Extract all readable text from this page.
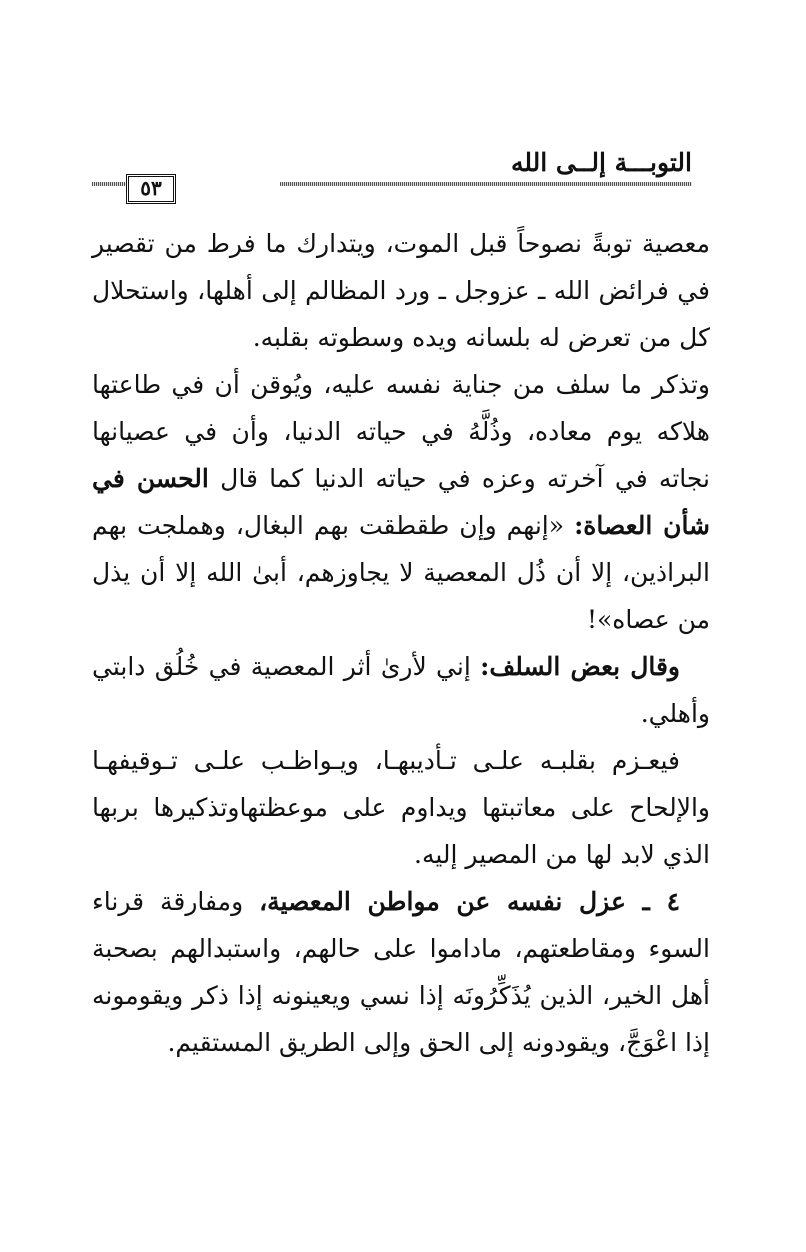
التوبـــة إلــى الله
٥٣

معصية توبةً نصوحاً قبل الموت، ويتدارك ما فرط من تقصير في فرائض الله ـ عزوجل ـ ورد المظالم إلى أهلها، واستحلال كل من تعرض له بلسانه ويده وسطوته بقلبه.

وتذكر ما سلف من جناية نفسه عليه، ويُوقن أن في طاعتها هلاكه يوم معاده، وذُلَّهُ في حياته الدنيا، وأن في عصيانها نجاته في آخرته وعزه في حياته الدنيا كما قال الحسن في شأن العصاة: «إنهم وإن طقطقت بهم البغال، وهملجت بهم البراذين، إلا أن ذُل المعصية لا يجاوزهم، أبىٰ الله إلا أن يذل من عصاه»!

وقال بعض السلف: إني لأرىٰ أثر المعصية في خُلُق دابتي وأهلي.

فيعـزم بقلبـه علـى تـأديبهـا، ويـواظـب علـى تـوقيفهـا والإلحاح على معاتبتها ويداوم على موعظتهاوتذكيرها بربها الذي لابد لها من المصير إليه.

٤ ـ عزل نفسه عن مواطن المعصية، ومفارقة قرناء السوء ومقاطعتهم، ماداموا على حالهم، واستبدالهم بصحبة أهل الخير، الذين يُذَكِّرُونَه إذا نسي ويعينونه إذا ذكر ويقومونه إذا اعْوَجَّ، ويقودونه إلى الحق وإلى الطريق المستقيم.
